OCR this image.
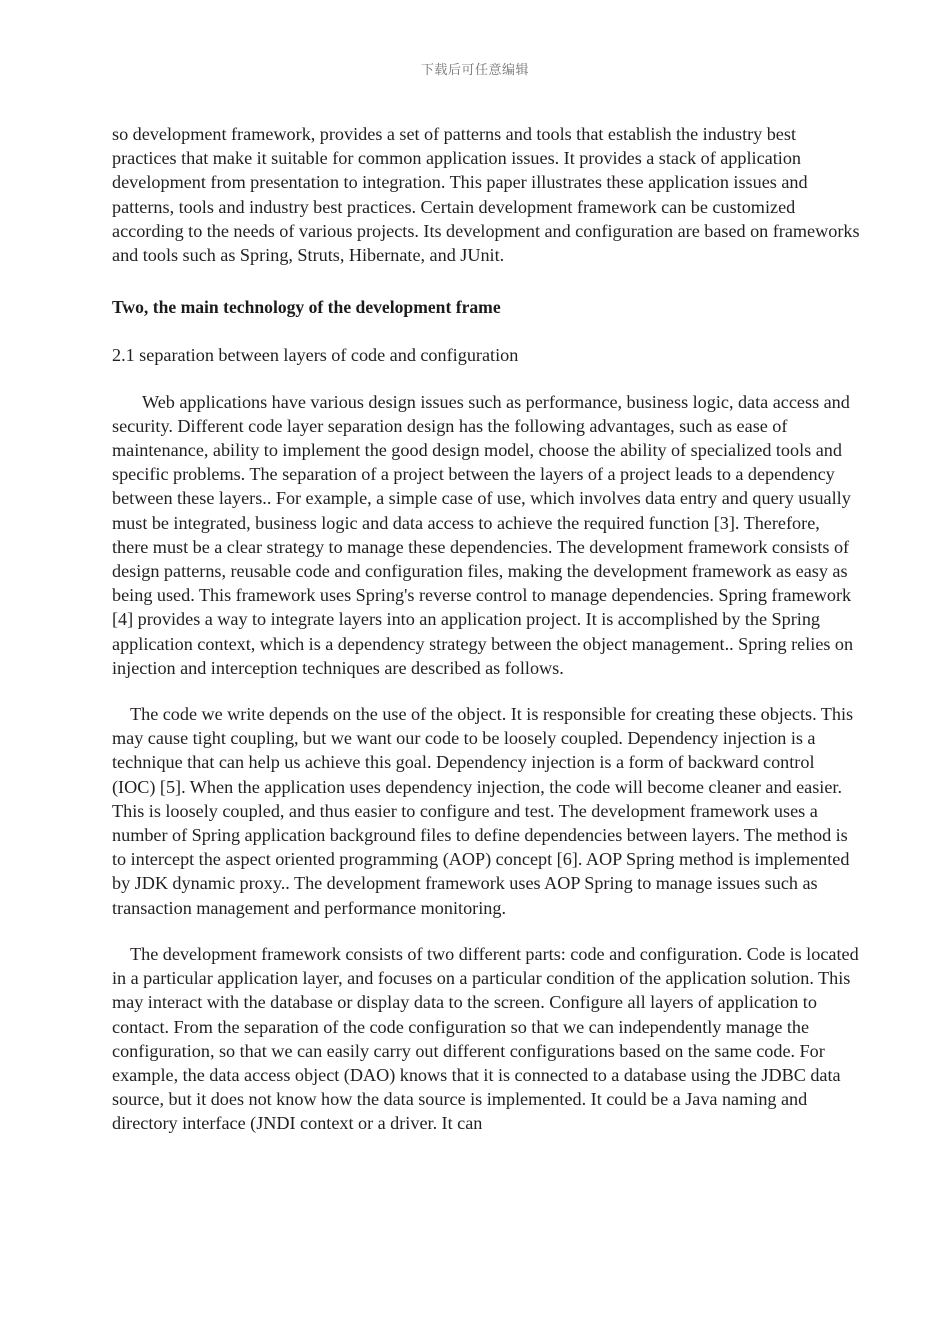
下载后可任意编辑

so development framework, provides a set of patterns and tools that establish the industry best practices that make it suitable for common application issues. It provides a stack of application development from presentation to integration. This paper illustrates these application issues and patterns, tools and industry best practices. Certain development framework can be customized according to the needs of various projects. Its development and configuration are based on frameworks and tools such as Spring, Struts, Hibernate, and JUnit.

Two, the main technology of the development frame

2.1 separation between layers of code and configuration

Web applications have various design issues such as performance, business logic, data access and security. Different code layer separation design has the following advantages, such as ease of maintenance, ability to implement the good design model, choose the ability of specialized tools and specific problems. The separation of a project between the layers of a project leads to a dependency between these layers.. For example, a simple case of use, which involves data entry and query usually must be integrated, business logic and data access to achieve the required function [3]. Therefore, there must be a clear strategy to manage these dependencies. The development framework consists of design patterns, reusable code and configuration files, making the development framework as easy as being used. This framework uses Spring's reverse control to manage dependencies. Spring framework [4] provides a way to integrate layers into an application project. It is accomplished by the Spring application context, which is a dependency strategy between the object management.. Spring relies on injection and interception techniques are described as follows.

The code we write depends on the use of the object. It is responsible for creating these objects. This may cause tight coupling, but we want our code to be loosely coupled. Dependency injection is a technique that can help us achieve this goal. Dependency injection is a form of backward control (IOC) [5]. When the application uses dependency injection, the code will become cleaner and easier. This is loosely coupled, and thus easier to configure and test. The development framework uses a number of Spring application background files to define dependencies between layers. The method is to intercept the aspect oriented programming (AOP) concept [6]. AOP Spring method is implemented by JDK dynamic proxy.. The development framework uses AOP Spring to manage issues such as transaction management and performance monitoring.

The development framework consists of two different parts: code and configuration. Code is located in a particular application layer, and focuses on a particular condition of the application solution. This may interact with the database or display data to the screen. Configure all layers of application to contact. From the separation of the code configuration so that we can independently manage the configuration, so that we can easily carry out different configurations based on the same code. For example, the data access object (DAO) knows that it is connected to a database using the JDBC data source, but it does not know how the data source is implemented. It could be a Java naming and directory interface (JNDI context or a driver. It can
